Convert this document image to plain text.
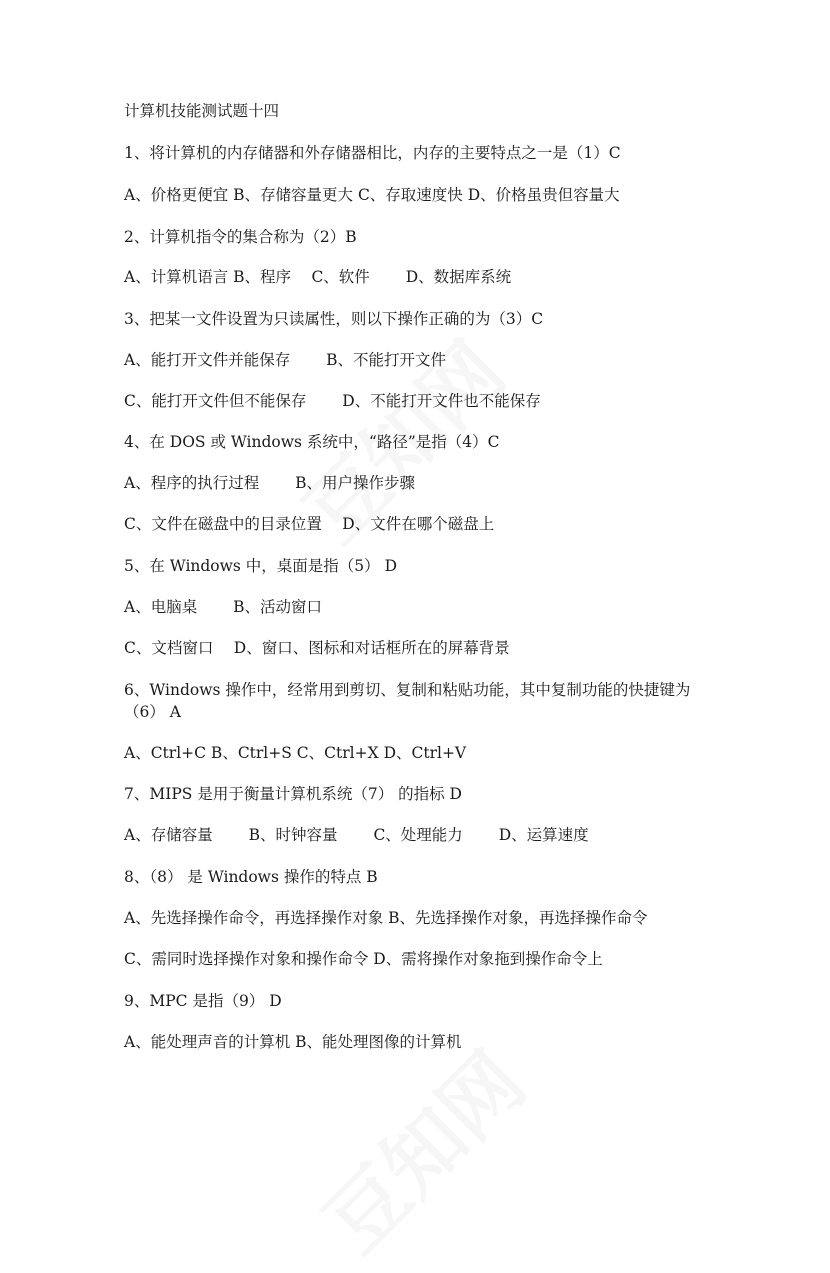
计算机技能测试题十四
1、将计算机的内存储器和外存储器相比，内存的主要特点之一是（1）C
A、价格更便宜 B、存储容量更大 C、存取速度快 D、价格虽贵但容量大
2、计算机指令的集合称为（2）B
A、计算机语言 B、程序　 C、软件　　 D、数据库系统
3、把某一文件设置为只读属性，则以下操作正确的为（3）C
A、能打开文件并能保存　　 B、不能打开文件
C、能打开文件但不能保存　　 D、不能打开文件也不能保存
4、在 DOS 或 Windows 系统中，“路径”是指（4）C
A、程序的执行过程　　 B、用户操作步骤
C、文件在磁盘中的目录位置　 D、文件在哪个磁盘上
5、在 Windows 中，桌面是指（5） D
A、电脑桌　　 B、活动窗口
C、文档窗口　 D、窗口、图标和对话框所在的屏幕背景
6、Windows 操作中，经常用到剪切、复制和粘贴功能，其中复制功能的快捷键为（6） A
A、Ctrl+C B、Ctrl+S C、Ctrl+X D、Ctrl+V
7、MIPS 是用于衡量计算机系统（7） 的指标 D
A、存储容量　　 B、时钟容量　　 C、处理能力　　 D、运算速度
8、（8） 是 Windows 操作的特点 B
A、先选择操作命令，再选择操作对象 B、先选择操作对象，再选择操作命令
C、需同时选择操作对象和操作命令 D、需将操作对象拖到操作命令上
9、MPC 是指（9） D
A、能处理声音的计算机 B、能处理图像的计算机
